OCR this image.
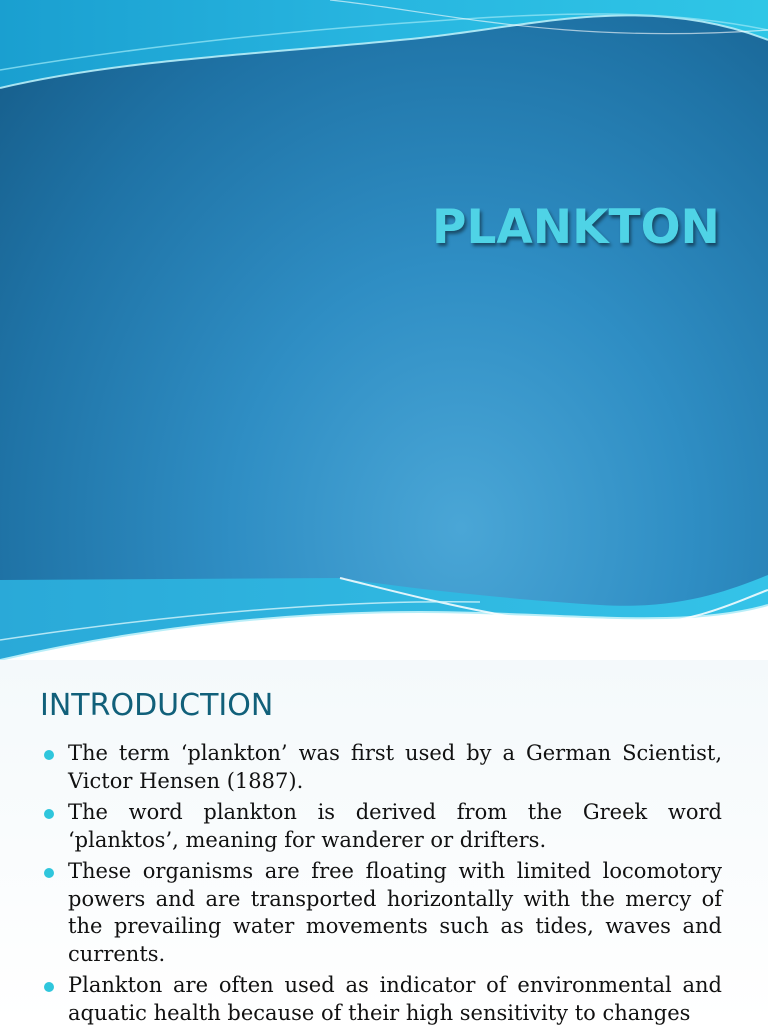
PLANKTON
INTRODUCTION
The term ‘plankton’ was first used by a German Scientist, Victor Hensen (1887).
The word plankton is derived from the Greek word ‘planktos’, meaning for wanderer or drifters.
These organisms are free floating with limited locomotory powers and are transported horizontally with the mercy of the prevailing water movements such as tides, waves and currents.
Plankton are often used as indicator of environmental and aquatic health because of their high sensitivity to changes
